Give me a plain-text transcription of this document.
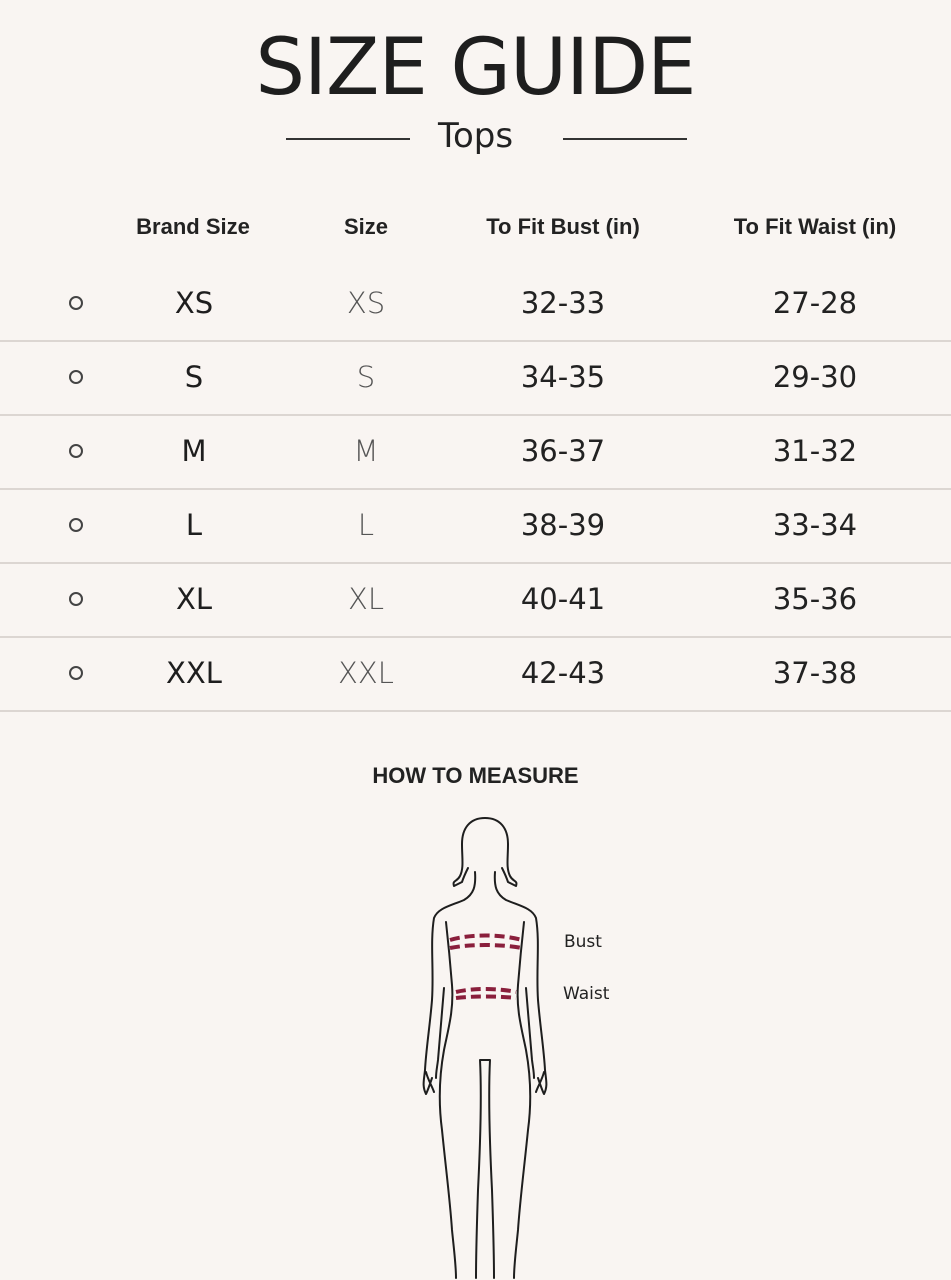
SIZE GUIDE
Tops
Brand Size	Size	To Fit Bust (in)	To Fit Waist (in)
XS	XS	32-33	27-28
S	S	34-35	29-30
M	M	36-37	31-32
L	L	38-39	33-34
XL	XL	40-41	35-36
XXL	XXL	42-43	37-38
HOW TO MEASURE
Bust
Waist
